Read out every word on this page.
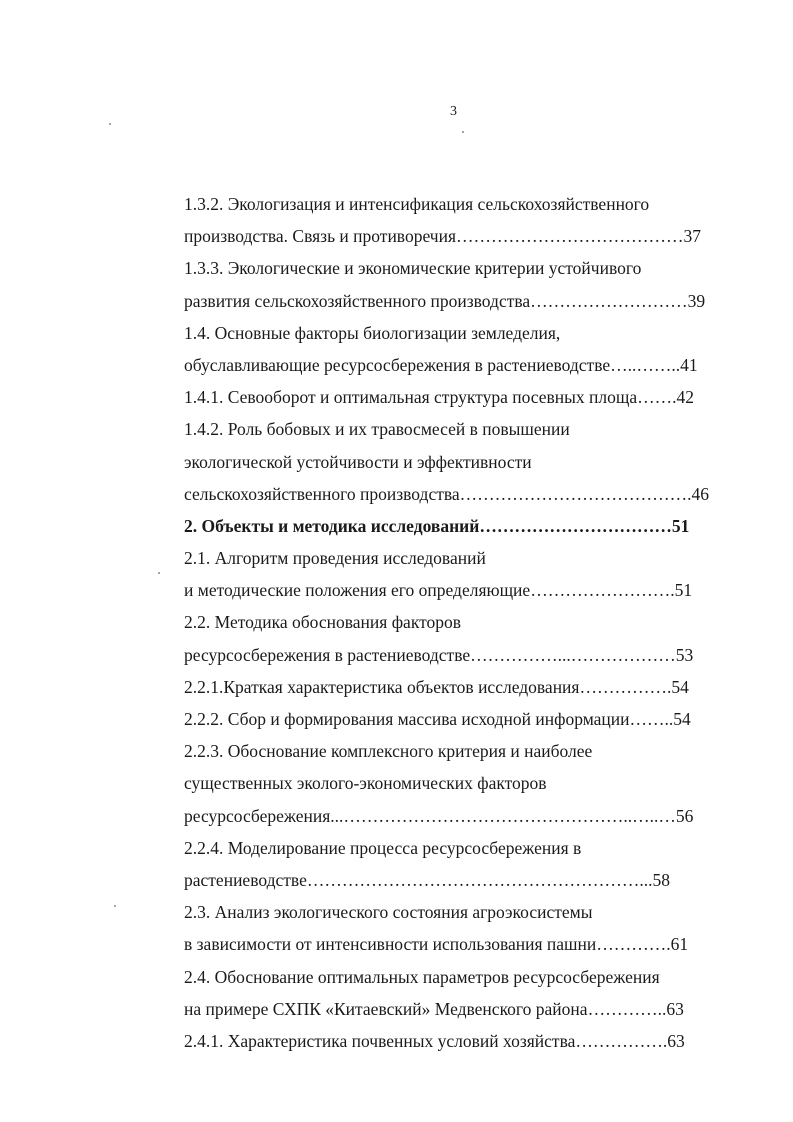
3
1.3.2. Экологизация и интенсификация сельскохозяйственного
производства. Связь и противоречия…………………………………37
1.3.3. Экологические и экономические критерии устойчивого
развития сельскохозяйственного производства………………………39
1.4. Основные факторы биологизации земледелия,
обуславливающие ресурсосбережения в растениеводстве…..……..41
1.4.1. Севооборот и оптимальная структура посевных площа…….42
1.4.2. Роль бобовых и их травосмесей в повышении
экологической устойчивости и эффективности
сельскохозяйственного производства………………………………….46
2. Объекты и методика исследований……………………………51
2.1. Алгоритм проведения исследований
и методические положения его определяющие…………………….51
2.2. Методика обоснования факторов
ресурсосбережения в растениеводстве……………...………………53
2.2.1.Краткая характеристика объектов исследования…………….54
2.2.2. Сбор и формирования массива исходной информации……..54
2.2.3. Обоснование комплексного критерия и наиболее
существенных эколого-экономических факторов
ресурсосбережения...…………………………………………..…..…56
2.2.4. Моделирование процесса ресурсосбережения в
растениеводстве…………………………………………………...58
2.3. Анализ экологического состояния агроэкосистемы
в зависимости от интенсивности использования пашни………….61
2.4. Обоснование оптимальных параметров ресурсосбережения
на примере СХПК «Китаевский» Медвенского района…………..63
2.4.1. Характеристика почвенных условий хозяйства…………….63
